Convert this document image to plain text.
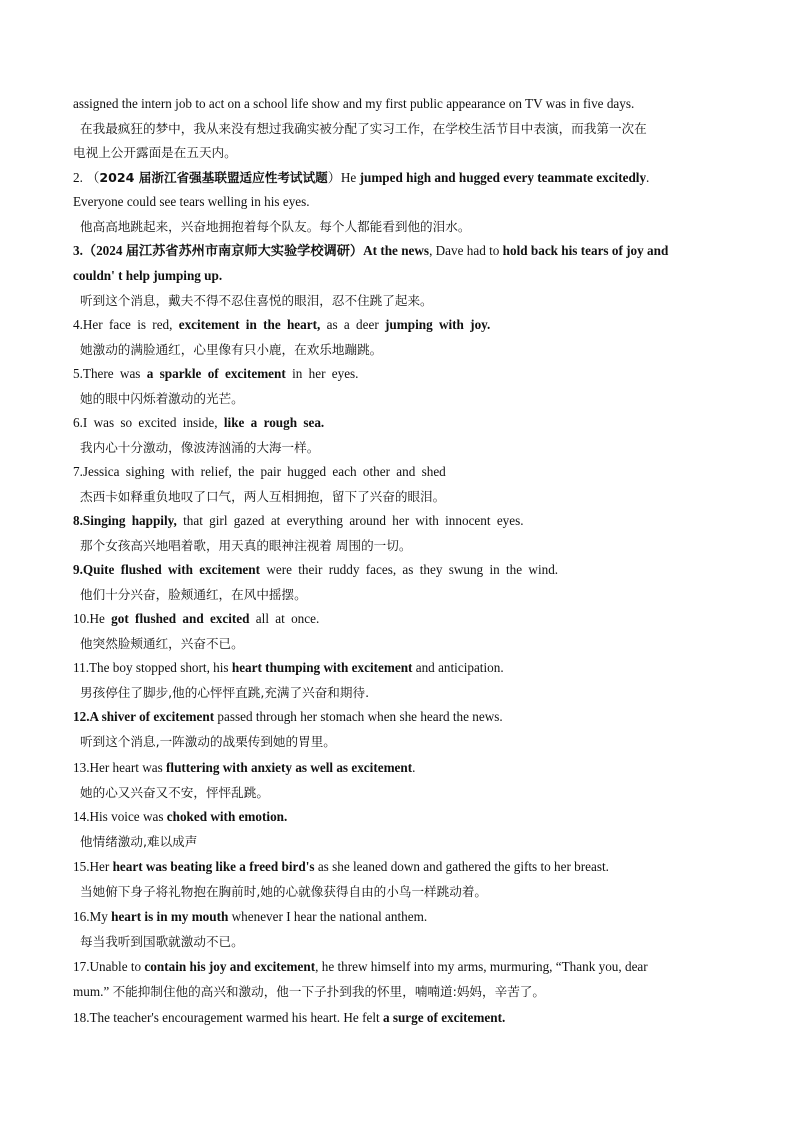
assigned the intern job to act on a school life show and my first public appearance on TV was in five days.
在我最疯狂的梦中，我从来没有想过我确实被分配了实习工作，在学校生活节目中表演，而我第一次在
电视上公开露面是在五天内。
2. （2024 届浙江省强基联盟适应性考试试题）He jumped high and hugged every teammate excitedly.
Everyone could see tears welling in his eyes.
他高高地跳起来，兴奋地拥抱着每个队友。每个人都能看到他的泪水。
3.（2024 届江苏省苏州市南京师大实验学校调研）At the news, Dave had to hold back his tears of joy and
couldn' t help jumping up.
听到这个消息，戴夫不得不忍住喜悦的眼泪，忍不住跳了起来。
4.Her face is red, excitement in the heart, as a deer jumping with joy.
她激动的满脸通红，心里像有只小鹿，在欢乐地蹦跳。
5.There was a sparkle of excitement in her eyes.
她的眼中闪烁着激动的光芒。
6.I was so excited inside, like a rough sea.
我内心十分激动，像波涛汹涌的大海一样。
7.Jessica sighing with relief, the pair hugged each other and shed
杰西卡如释重负地叹了口气，两人互相拥抱，留下了兴奋的眼泪。
8.Singing happily, that girl gazed at everything around her with innocent eyes.
那个女孩高兴地唱着歌，用天真的眼神注视着 周围的一切。
9.Quite flushed with excitement were their ruddy faces, as they swung in the wind.
他们十分兴奋，脸颊通红，在风中摇摆。
10.He got flushed and excited all at once.
他突然脸颊通红，兴奋不已。
11.The boy stopped short, his heart thumping with excitement and anticipation.
男孩停住了脚步,他的心怦怦直跳,充满了兴奋和期待.
12.A shiver of excitement passed through her stomach when she heard the news.
听到这个消息,一阵激动的战栗传到她的胃里。
13.Her heart was fluttering with anxiety as well as excitement.
她的心又兴奋又不安，怦怦乱跳。
14.His voice was choked with emotion.
他情绪激动,难以成声
15.Her heart was beating like a freed bird's as she leaned down and gathered the gifts to her breast.
当她俯下身子将礼物抱在胸前时,她的心就像获得自由的小鸟一样跳动着。
16.My heart is in my mouth whenever I hear the national anthem.
每当我听到国歌就激动不已。
17.Unable to contain his joy and excitement, he threw himself into my arms, murmuring, “Thank you, dear
mum.” 不能抑制住他的高兴和激动，他一下子扑到我的怀里，喃喃道:妈妈，辛苦了。
18.The teacher's encouragement warmed his heart. He felt a surge of excitement.
